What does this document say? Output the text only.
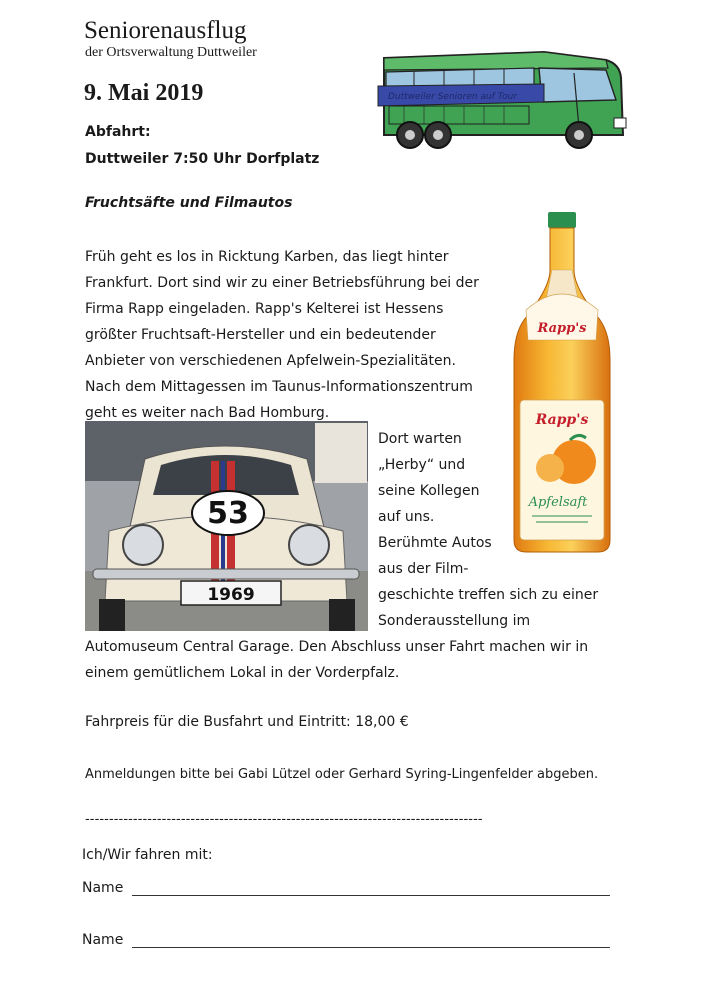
Seniorenausflug
der Ortsverwaltung Duttweiler
9. Mai 2019
Abfahrt:
Duttweiler 7:50 Uhr Dorfplatz
Duttweiler Senioren auf Tour
Fruchtsäfte und Filmautos
Früh geht es los in Ricktung Karben, das liegt hinter
Frankfurt. Dort sind wir zu einer Betriebsführung bei der
Firma Rapp eingeladen. Rapp's Kelterei ist Hessens
größter Fruchtsaft-Hersteller und ein bedeutender
Anbieter von verschiedenen Apfelwein-Spezialitäten.
Nach dem Mittagessen im Taunus-Informationszentrum
geht es weiter nach Bad Homburg.
Rapp's
Rapp's
Apfelsaft
53
1969
Dort warten
„Herby“ und
seine Kollegen
auf uns.
Berühmte Autos
aus der Film-
geschichte treffen sich zu einer
Sonderausstellung im
Automuseum Central Garage. Den Abschluss unser Fahrt machen wir in
einem gemütlichem Lokal in der Vorderpfalz.
Fahrpreis für die Busfahrt und Eintritt: 18,00 €
Anmeldungen bitte bei Gabi Lützel oder Gerhard Syring-Lingenfelder abgeben.
-----------------------------------------------------------------------------------
Ich/Wir fahren mit:
Name
Name
